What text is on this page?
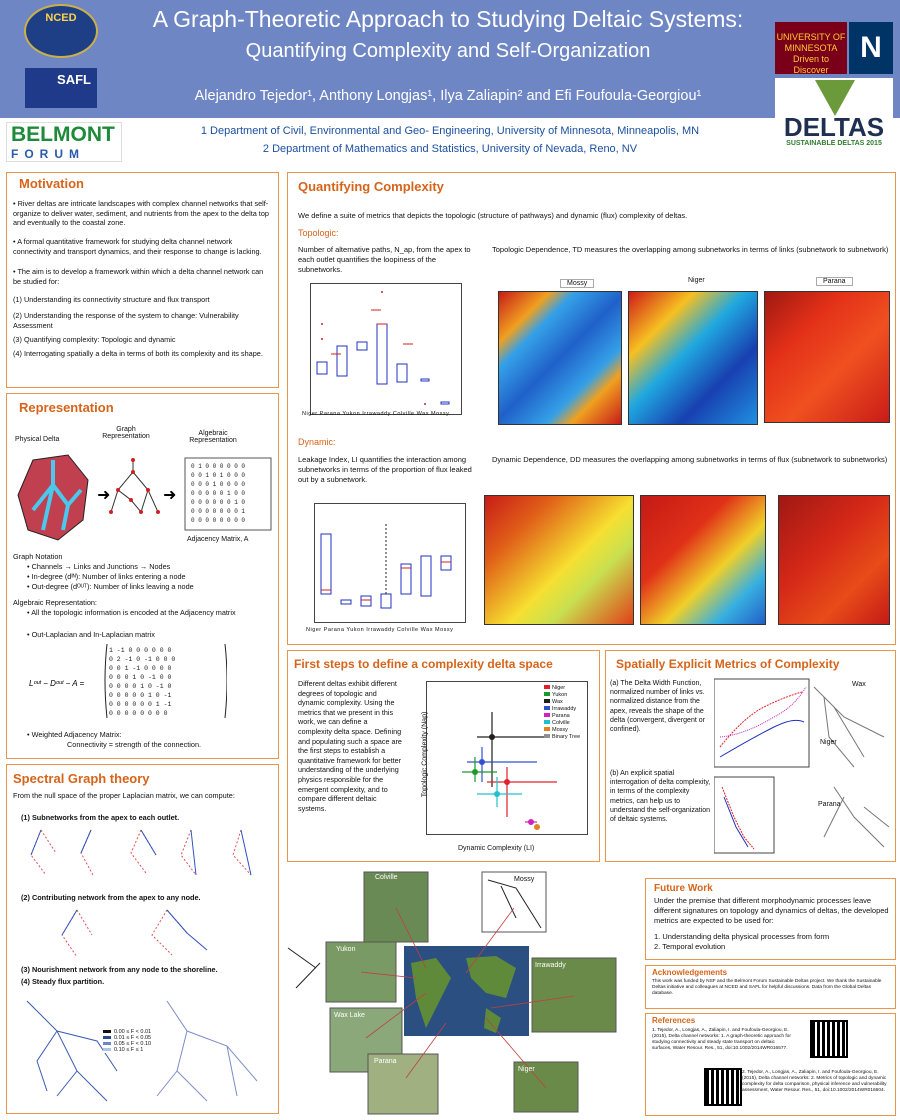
NCED
SAFL
A Graph-Theoretic Approach to Studying Deltaic Systems:
Quantifying Complexity and Self-Organization
Alejandro Tejedor¹, Anthony Longjas¹, Ilya Zaliapin² and Efi Foufoula-Georgiou¹
UNIVERSITY OF MINNESOTA Driven to Discover
N
BELMONT
FORUM
1 Department of Civil, Environmental and Geo- Engineering, University of Minnesota, Minneapolis, MN
2 Department of Mathematics and Statistics, University of Nevada, Reno, NV
DELTAS
SUSTAINABLE DELTAS 2015
Motivation
• River deltas are intricate landscapes with complex channel networks that self-organize to deliver water, sediment, and nutrients from the apex to the delta top and eventually to the coastal zone.
• A formal quantitative framework for studying delta channel network connectivity and transport dynamics, and their response to change is lacking.
• The aim is to develop a framework within which a delta channel network can be studied for:
(1) Understanding its connectivity structure and flux transport
(2) Understanding the response of the system to change: Vulnerability Assessment
(3) Quantifying complexity: Topologic and dynamic
(4) Interrogating spatially a delta in terms of both its complexity and its shape.
Representation
Physical Delta
Graph Representation	Algebraic Representation
➜	➜
0 1 0 0 0 0 0 0
0 0 1 0 1 0 0 0
0 0 0 1 0 0 0 0
0 0 0 0 0 1 0 0
0 0 0 0 0 0 1 0
0 0 0 0 0 0 0 1
0 0 0 0 0 0 0 0
Adjacency Matrix, A
Graph Notation
• Channels → Links and Junctions → Nodes
• In-degree (dᴵᴺ): Number of links entering a node
• Out-degree (dᴼᵁᵀ): Number of links leaving a node
Algebraic Representation:
• All the topologic information is encoded at the Adjacency matrix
• Out-Laplacian and In-Laplacian matrix
Lᵒᵘᵗ − Dᵒᵘᵗ − A =
1 -1 0 0 0 0 0 0
0 2 -1 0 -1 0 0 0
0 0 1 -1 0 0 0 0
0 0 0 1 0 -1 0 0
0 0 0 0 1 0 -1 0
0 0 0 0 0 1 0 -1
0 0 0 0 0 0 1 -1
0 0 0 0 0 0 0 0
• Weighted Adjacency Matrix:
Connectivity = strength of the connection.
Spectral Graph theory
From the null space of the proper Laplacian matrix, we can compute:
(1) Subnetworks from the apex to each outlet.
(2) Contributing network from the apex to any node.
(3) Nourishment network from any node to the shoreline.
(4) Steady flux partition.
0.00 ≤ F < 0.01
0.01 ≤ F < 0.05
0.05 ≤ F < 0.10
0.10 ≤ F ≤ 1
Quantifying Complexity
We define a suite of metrics that depicts the topologic (structure of pathways) and dynamic (flux) complexity of deltas.
Topologic:
Number of alternative paths, N_ap, from the apex to each outlet quantifies the loopiness of the subnetworks.
Topologic Dependence, TD measures the overlapping among subnetworks in terms of links (subnetwork to subnetwork)
Niger Parana Yukon Irrawaddy Colville Wax Mossy
Mossy	Niger	Parana
Dynamic:
Leakage Index, LI quantifies the interaction among subnetworks in terms of the proportion of flux leaked out by a subnetwork.
Dynamic Dependence, DD measures the overlapping among subnetworks in terms of flux (subnetwork to subnetworks)
Niger Parana Yukon Irrawaddy Colville Wax Mossy
First steps to define a complexity delta space
Different deltas exhibit different degrees of topologic and dynamic complexity. Using the metrics that we present in this work, we can define a complexity delta space. Defining and populating such a space are the first steps to establish a quantitative framework for better understanding of the underlying physics responsible for the emergent complexity, and to compare different deltaic systems.
Niger
Yukon
Wax
Irrawaddy
Parana
Colville
Mossy
Binary Tree
Dynamic Complexity (LI)
Topologic Complexity (Nap)
Spatially Explicit Metrics of Complexity
(a) The Delta Width Function, normalized number of links vs. normalized distance from the apex, reveals the shape of the delta (convergent, divergent or confined).
(b) An explicit spatial interrogation of delta complexity, in terms of the complexity metrics, can help us to understand the self-organization of deltaic systems.
Wax
Niger
Parana
Colville	Mossy
Yukon
Irrawaddy
Wax Lake
Parana
Niger
Future Work
Under the premise that different morphodynamic processes leave different signatures on topology and dynamics of deltas, the developed metrics are expected to be used for:
1. Understanding delta physical processes from form
2. Temporal evolution
Acknowledgements
This work was funded by NSF and the Belmont Forum Sustainable Deltas project. We thank the Sustainable Deltas initiative and colleagues at NCED and SAFL for helpful discussions. Data from the Global Deltas database.
References
1. Tejedor, A., Longjas, A., Zaliapin, I. and Foufoula-Georgiou, E. (2015), Delta channel networks: 1. A graph-theoretic approach for studying connectivity and steady state transport on deltaic surfaces, Water Resour. Res., 51, doi:10.1002/2014WR016577.
2. Tejedor, A., Longjas, A., Zaliapin, I. and Foufoula-Georgiou, E. (2015), Delta channel networks: 2. Metrics of topologic and dynamic complexity for delta comparison, physical inference and vulnerability assessment, Water Resour. Res., 51, doi:10.1002/2014WR016604.
